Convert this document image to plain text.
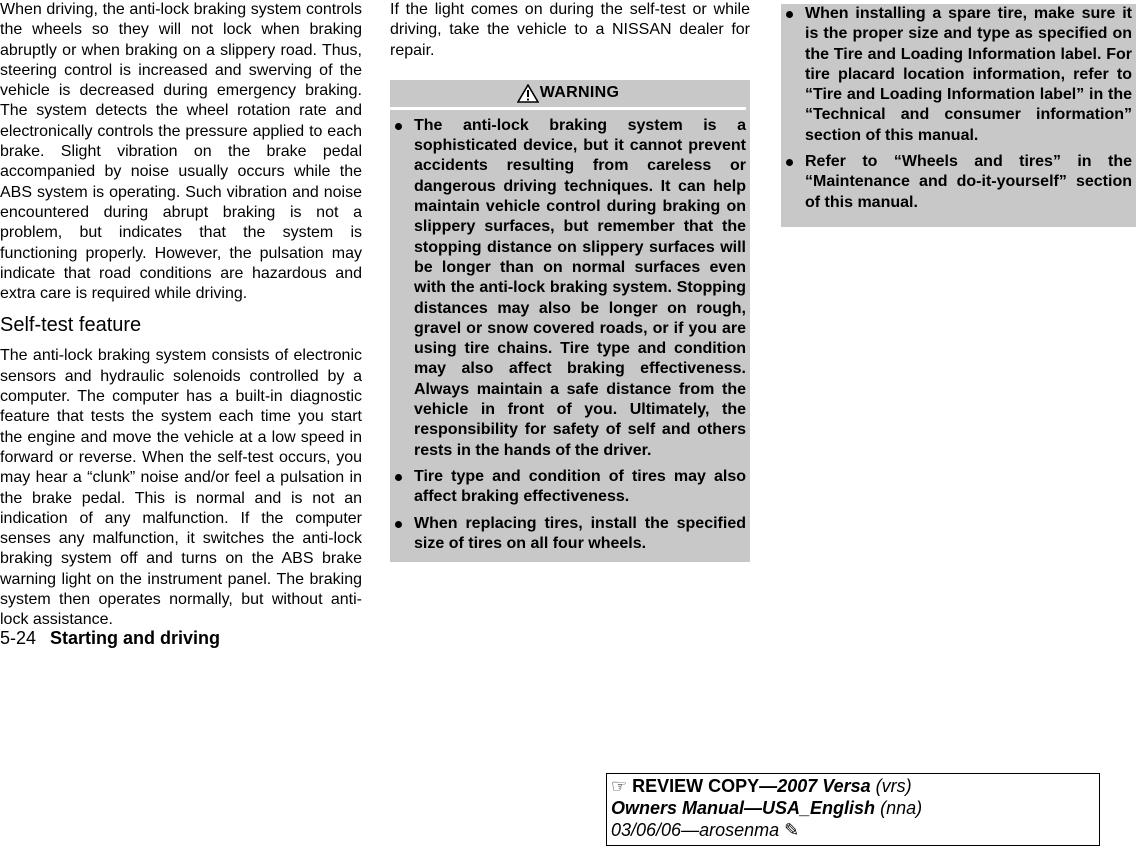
When driving, the anti-lock braking system controls the wheels so they will not lock when braking abruptly or when braking on a slippery road. Thus, steering control is increased and swerving of the vehicle is decreased during emergency braking. The system detects the wheel rotation rate and electronically controls the pressure applied to each brake. Slight vibration on the brake pedal accompanied by noise usually occurs while the ABS system is operating. Such vibration and noise encountered during abrupt braking is not a problem, but indicates that the system is functioning properly. However, the pulsation may indicate that road conditions are hazardous and extra care is required while driving.

Self-test feature

The anti-lock braking system consists of electronic sensors and hydraulic solenoids controlled by a computer. The computer has a built-in diagnostic feature that tests the system each time you start the engine and move the vehicle at a low speed in forward or reverse. When the self-test occurs, you may hear a “clunk” noise and/or feel a pulsation in the brake pedal. This is normal and is not an indication of any malfunction. If the computer senses any malfunction, it switches the anti-lock braking system off and turns on the ABS brake warning light on the instrument panel. The braking system then operates normally, but without anti-lock assistance.

If the light comes on during the self-test or while driving, take the vehicle to a NISSAN dealer for repair.

WARNING
The anti-lock braking system is a sophisticated device, but it cannot prevent accidents resulting from careless or dangerous driving techniques. It can help maintain vehicle control during braking on slippery surfaces, but remember that the stopping distance on slippery surfaces will be longer than on normal surfaces even with the anti-lock braking system. Stopping distances may also be longer on rough, gravel or snow covered roads, or if you are using tire chains. Tire type and condition may also affect braking effectiveness. Always maintain a safe distance from the vehicle in front of you. Ultimately, the responsibility for safety of self and others rests in the hands of the driver.
Tire type and condition of tires may also affect braking effectiveness.
When replacing tires, install the specified size of tires on all four wheels.
When installing a spare tire, make sure it is the proper size and type as specified on the Tire and Loading Information label. For tire placard location information, refer to “Tire and Loading Information label” in the “Technical and consumer information” section of this manual.
Refer to “Wheels and tires” in the “Maintenance and do-it-yourself” section of this manual.
5-24 Starting and driving
☞ REVIEW COPY—2007 Versa (vrs)
Owners Manual—USA_English (nna)
03/06/06—arosenma ✎
